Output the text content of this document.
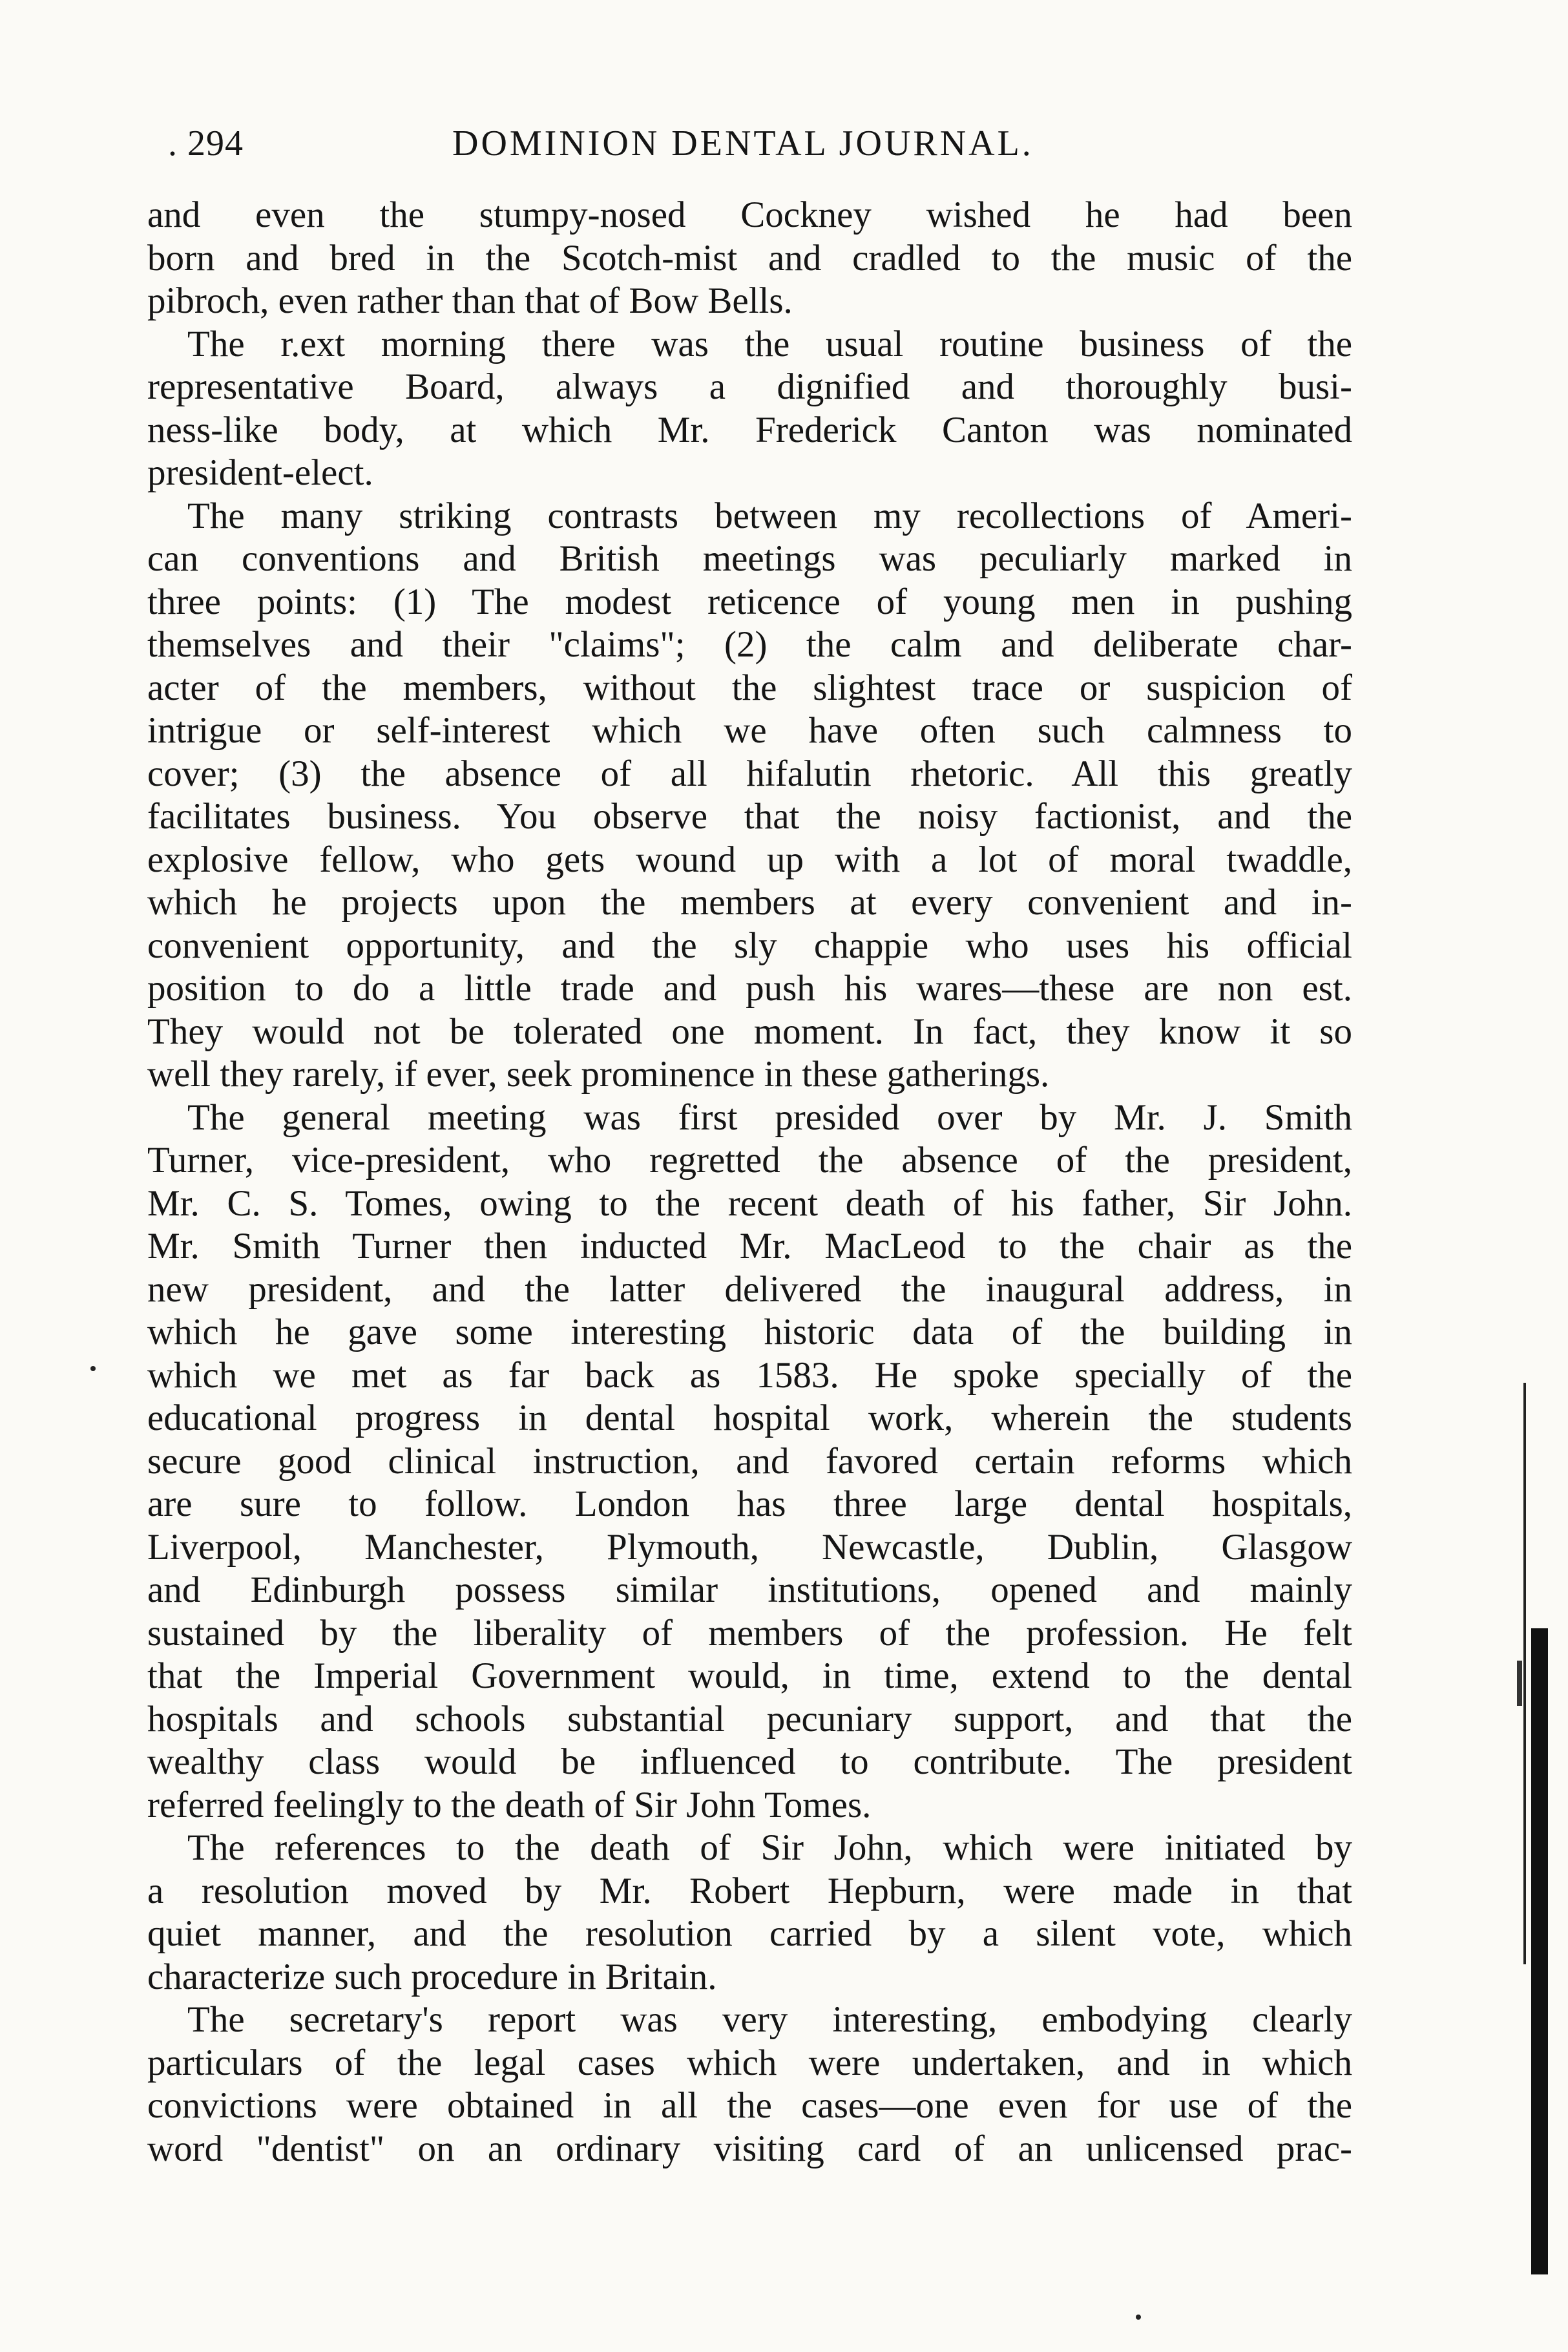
. 294	DOMINION DENTAL JOURNAL.

and even the stumpy-nosed Cockney wished he had been
born and bred in the Scotch-mist and cradled to the music of the
pibroch, even rather than that of Bow Bells.

The r.ext morning there was the usual routine business of the
representative Board, always a dignified and thoroughly busi-
ness-like body, at which Mr. Frederick Canton was nominated
president-elect.

The many striking contrasts between my recollections of Ameri-
can conventions and British meetings was peculiarly marked in
three points: (1) The modest reticence of young men in pushing
themselves and their "claims"; (2) the calm and deliberate char-
acter of the members, without the slightest trace or suspicion of
intrigue or self-interest which we have often such calmness to
cover; (3) the absence of all hifalutin rhetoric. All this greatly
facilitates business. You observe that the noisy factionist, and the
explosive fellow, who gets wound up with a lot of moral twaddle,
which he projects upon the members at every convenient and in-
convenient opportunity, and the sly chappie who uses his official
position to do a little trade and push his wares—these are non est.
They would not be tolerated one moment. In fact, they know it so
well they rarely, if ever, seek prominence in these gatherings.

The general meeting was first presided over by Mr. J. Smith
Turner, vice-president, who regretted the absence of the president,
Mr. C. S. Tomes, owing to the recent death of his father, Sir John.
Mr. Smith Turner then inducted Mr. MacLeod to the chair as the
new president, and the latter delivered the inaugural address, in
which he gave some interesting historic data of the building in
which we met as far back as 1583. He spoke specially of the
educational progress in dental hospital work, wherein the students
secure good clinical instruction, and favored certain reforms which
are sure to follow. London has three large dental hospitals,
Liverpool, Manchester, Plymouth, Newcastle, Dublin, Glasgow
and Edinburgh possess similar institutions, opened and mainly
sustained by the liberality of members of the profession. He felt
that the Imperial Government would, in time, extend to the dental
hospitals and schools substantial pecuniary support, and that the
wealthy class would be influenced to contribute. The president
referred feelingly to the death of Sir John Tomes.

The references to the death of Sir John, which were initiated by
a resolution moved by Mr. Robert Hepburn, were made in that
quiet manner, and the resolution carried by a silent vote, which
characterize such procedure in Britain.

The secretary's report was very interesting, embodying clearly
particulars of the legal cases which were undertaken, and in which
convictions were obtained in all the cases—one even for use of the
word "dentist" on an ordinary visiting card of an unlicensed prac-
